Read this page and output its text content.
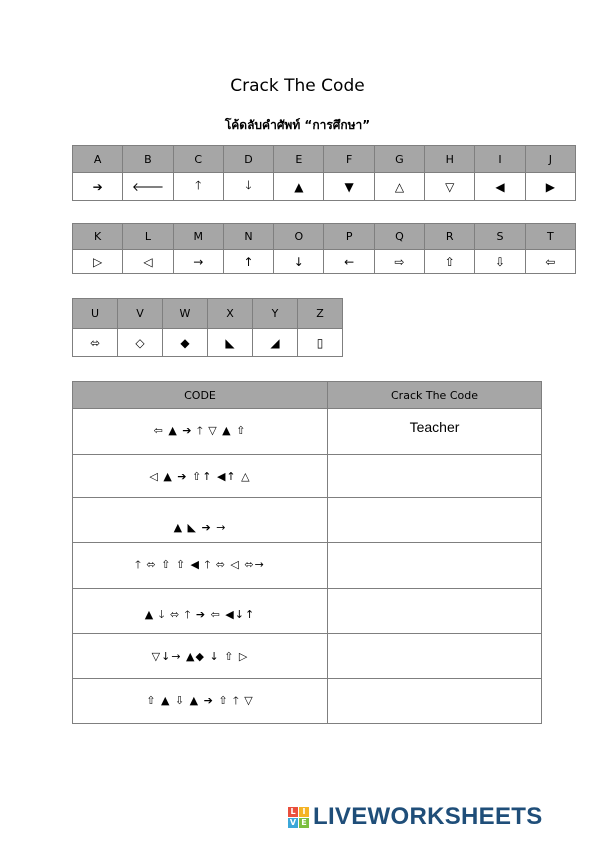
Crack The Code
โค้ดลับคำศัพท์ “การศึกษา”
A	B	C	D	E	F	G	H	I	J
➔	🡐	🡑	🡓	▲	▼	△	▽	◀	▶
K	L	M	N	O	P	Q	R	S	T
▷	◁	→	↑	↓	←	⇨	⇧	⇩	⇦
U	V	W	X	Y	Z
⬄	◇	◆	◣	◢	▯
CODE	Crack The Code
⇦ ▲ ➔ 🡑 ▽ ▲ ⇧	Teacher
◁ ▲ ➔ ⇧↑ ◀↑ △	
▲ ◣ ➔ →	
🡑 ⬄ ⇧ ⇧ ◀ 🡑 ⬄ ◁ ⬄→	
▲ 🡓 ⬄ 🡑 ➔ ⇦ ◀↓↑	
▽↓→ ▲◆ ↓ ⇧ ▷	
⇧ ▲ ⇩ ▲ ➔ ⇧ 🡑 ▽	
L I
V E LIVEWORKSHEETS
